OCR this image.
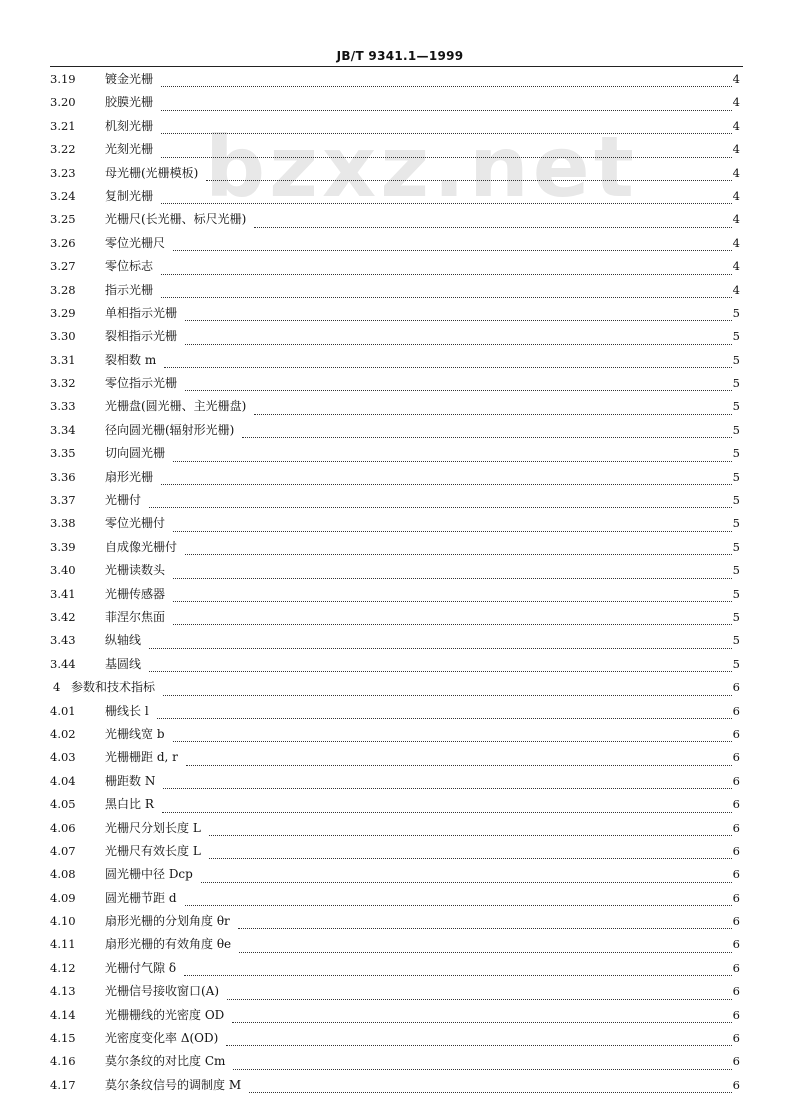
JB/T 9341.1—1999
bzxz.net
3.19	镀金光栅	4
3.20	胶膜光栅	4
3.21	机刻光栅	4
3.22	光刻光栅	4
3.23	母光栅(光栅模板)	4
3.24	复制光栅	4
3.25	光栅尺(长光栅、标尺光栅)	4
3.26	零位光栅尺	4
3.27	零位标志	4
3.28	指示光栅	4
3.29	单相指示光栅	5
3.30	裂相指示光栅	5
3.31	裂相数 m	5
3.32	零位指示光栅	5
3.33	光栅盘(圆光栅、主光栅盘)	5
3.34	径向圆光栅(辐射形光栅)	5
3.35	切向圆光栅	5
3.36	扇形光栅	5
3.37	光栅付	5
3.38	零位光栅付	5
3.39	自成像光栅付	5
3.40	光栅读数头	5
3.41	光栅传感器	5
3.42	菲涅尔焦面	5
3.43	纵轴线	5
3.44	基圆线	5
4 参数和技术指标	6
4.01	栅线长 l	6
4.02	光栅线宽 b	6
4.03	光栅栅距 d, r	6
4.04	栅距数 N	6
4.05	黑白比 R	6
4.06	光栅尺分划长度 L	6
4.07	光栅尺有效长度 L	6
4.08	圆光栅中径 Dcp	6
4.09	圆光栅节距 d	6
4.10	扇形光栅的分划角度 θr	6
4.11	扇形光栅的有效角度 θe	6
4.12	光栅付气隙 δ	6
4.13	光栅信号接收窗口(A)	6
4.14	光栅栅线的光密度 OD	6
4.15	光密度变化率 Δ(OD)	6
4.16	莫尔条纹的对比度 Cm	6
4.17	莫尔条纹信号的调制度 M	6
